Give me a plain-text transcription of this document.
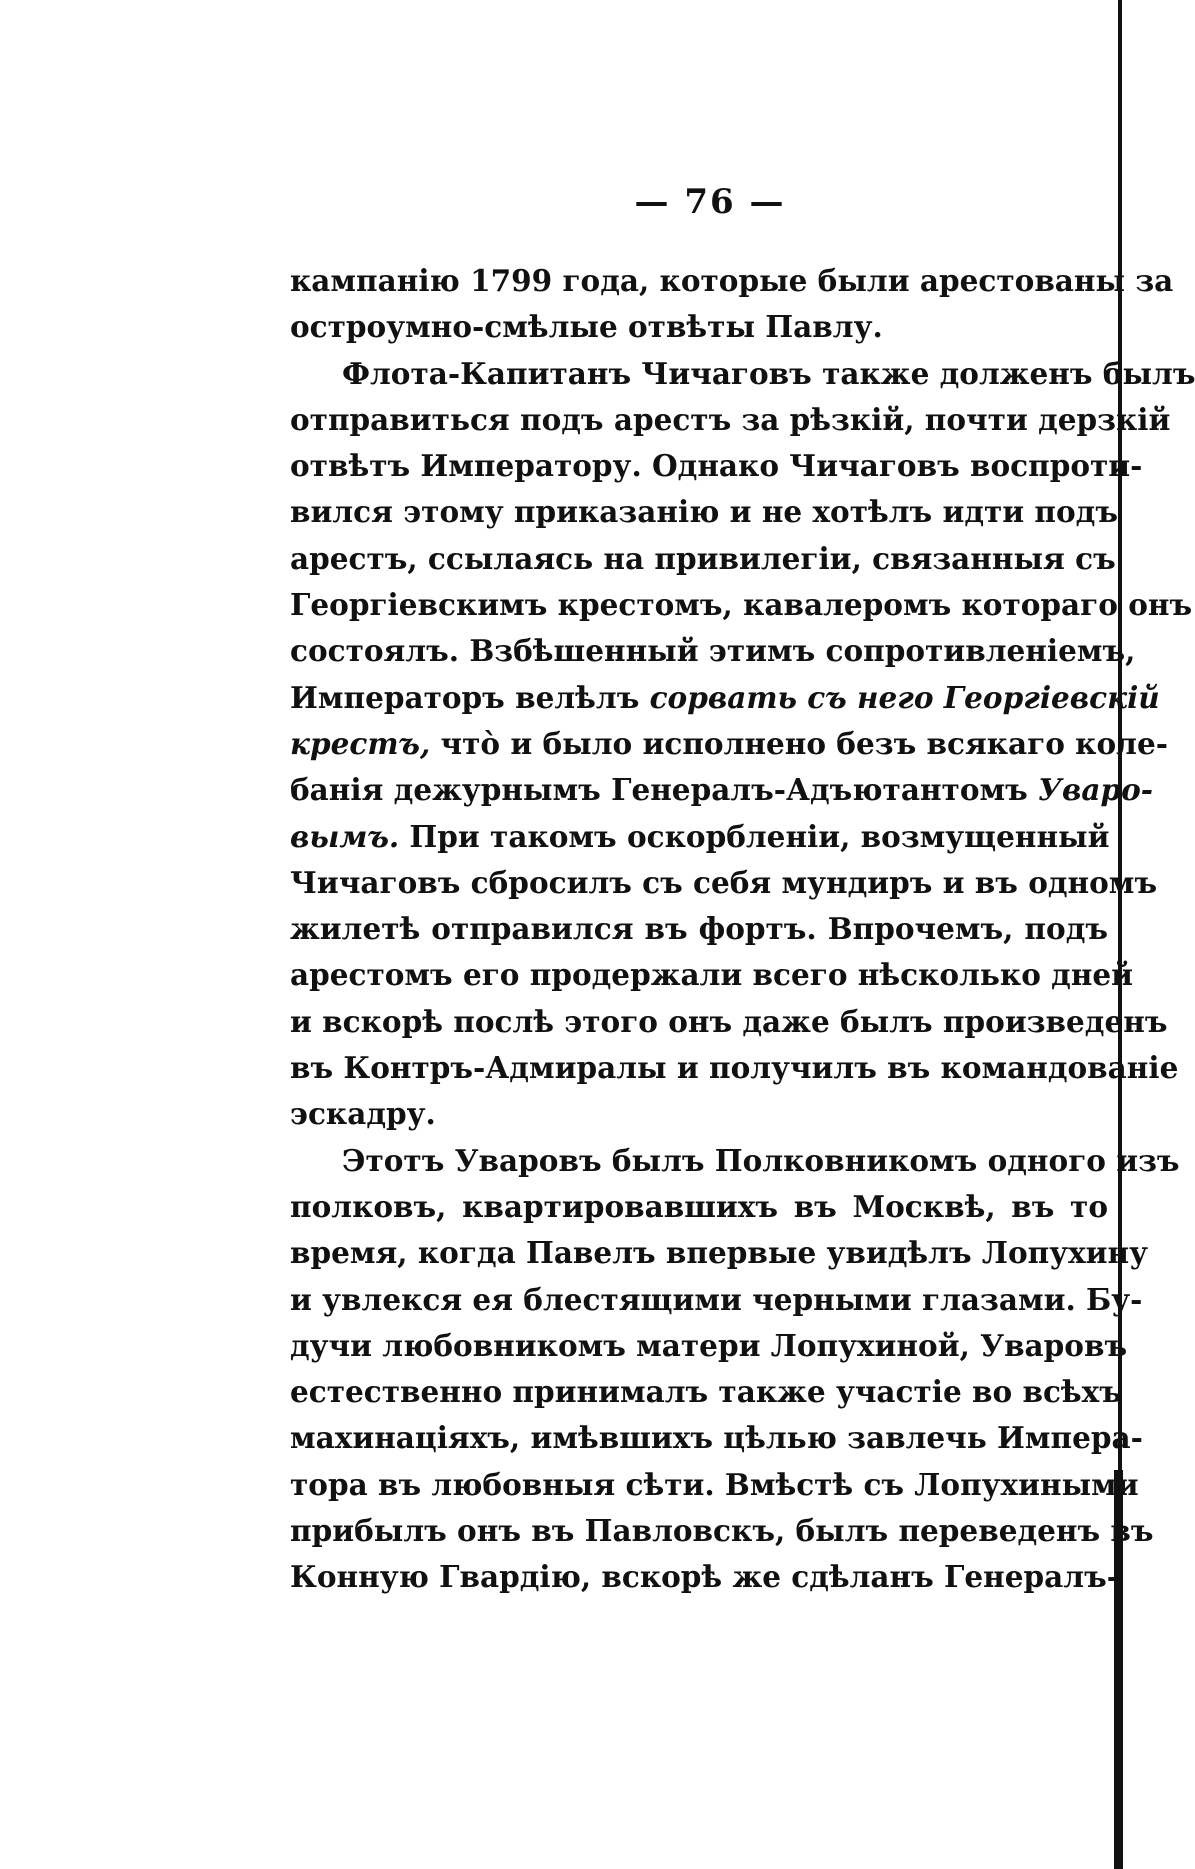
— 76 —
кампанію 1799 года, которые были арестованы за
остроумно-смѣлые отвѣты Павлу.
Флота-Капитанъ Чичаговъ также долженъ былъ
отправиться подъ арестъ за рѣзкій, почти дерзкій
отвѣтъ Императору. Однако Чичаговъ воспроти-
вился этому приказанію и не хотѣлъ идти подъ
арестъ, ссылаясь на привилегіи, связанныя съ
Георгіевскимъ крестомъ, кавалеромъ котораго онъ
состоялъ. Взбѣшенный этимъ сопротивленіемъ,
Императоръ велѣлъ сорвать съ него Георгіевскій
крестъ, что̀ и было исполнено безъ всякаго коле-
банія дежурнымъ Генералъ-Адъютантомъ Уваро-
вымъ. При такомъ оскорбленіи, возмущенный
Чичаговъ сбросилъ съ себя мундиръ и въ одномъ
жилетѣ отправился въ фортъ. Впрочемъ, подъ
арестомъ его продержали всего нѣсколько дней
и вскорѣ послѣ этого онъ даже былъ произведенъ
въ Контръ-Адмиралы и получилъ въ командованіе
эскадру.
Этотъ Уваровъ былъ Полковникомъ одного изъ
полковъ, квартировавшихъ въ Москвѣ, въ то
время, когда Павелъ впервые увидѣлъ Лопухину
и увлекся ея блестящими черными глазами. Бу-
дучи любовникомъ матери Лопухиной, Уваровъ
естественно принималъ также участіе во всѣхъ
махинаціяхъ, имѣвшихъ цѣлью завлечь Импера-
тора въ любовныя сѣти. Вмѣстѣ съ Лопухиными
прибылъ онъ въ Павловскъ, былъ переведенъ въ
Конную Гвардію, вскорѣ же сдѣланъ Генералъ-
